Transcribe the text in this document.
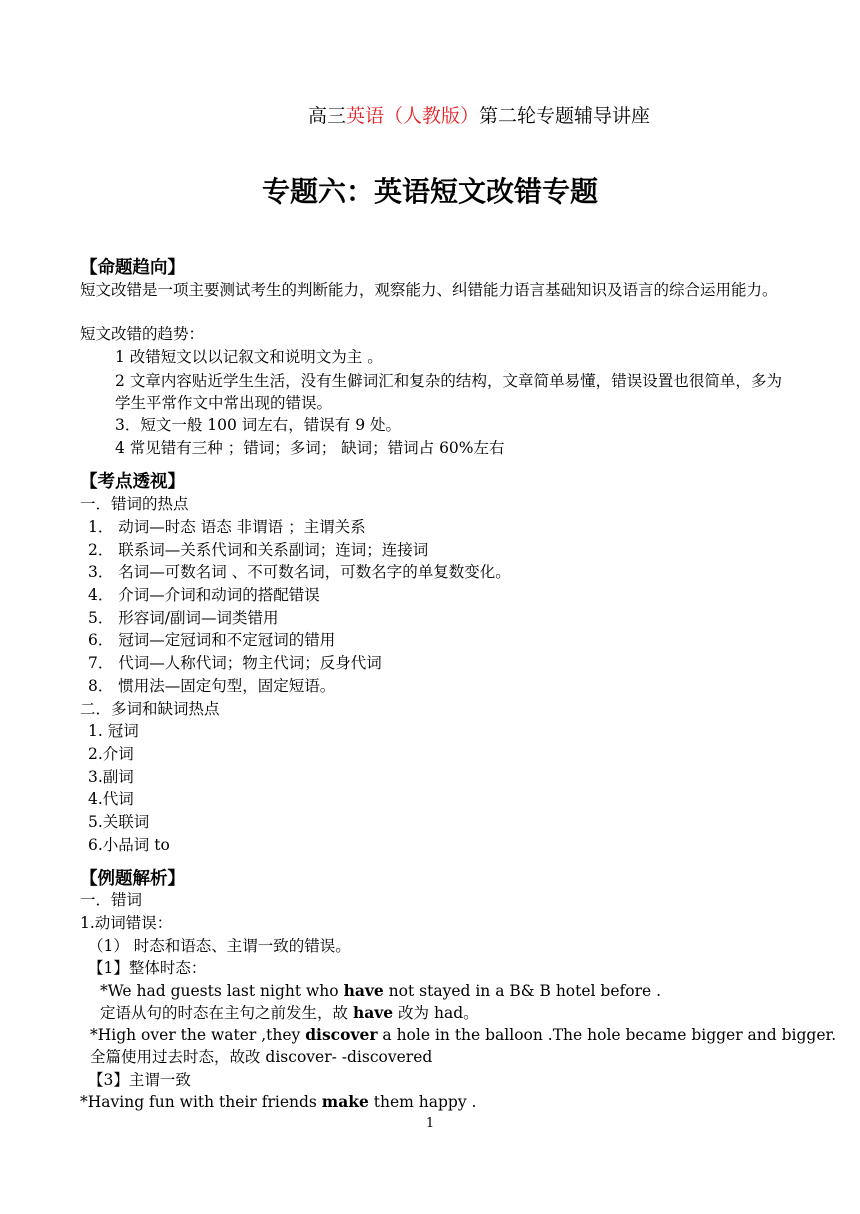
高三英语（人教版）第二轮专题辅导讲座
专题六：英语短文改错专题
【命题趋向】
短文改错是一项主要测试考生的判断能力，观察能力、纠错能力语言基础知识及语言的综合运用能力。
短文改错的趋势：
1 改错短文以以记叙文和说明文为主 。
2 文章内容贴近学生生活，没有生僻词汇和复杂的结构，文章简单易懂，错误设置也很简单，多为学生平常作文中常出现的错误。
3．短文一般 100 词左右，错误有 9 处。
4 常见错有三种 ；错词；多词； 缺词；错词占 60%左右
【考点透视】
一．错词的热点
1． 动词—时态 语态 非谓语 ；主谓关系
2． 联系词—关系代词和关系副词；连词；连接词
3． 名词—可数名词 、不可数名词，可数名字的单复数变化。
4． 介词—介词和动词的搭配错误
5． 形容词/副词—词类错用
6． 冠词—定冠词和不定冠词的错用
7． 代词—人称代词；物主代词；反身代词
8． 惯用法—固定句型，固定短语。
二．多词和缺词热点
1. 冠词
2.介词
3.副词
4.代词
5.关联词
6.小品词 to
【例题解析】
一．错词
1.动词错误：
（1） 时态和语态、主谓一致的错误。
【1】整体时态：
*We had guests last night who have not stayed in a B& B hotel before .
定语从句的时态在主句之前发生，故 have 改为 had。
*High over the water ,they discover a hole in the balloon .The hole became bigger and bigger.
全篇使用过去时态，故改 discover- -discovered
【3】主谓一致
*Having fun with their friends make them happy .
1
